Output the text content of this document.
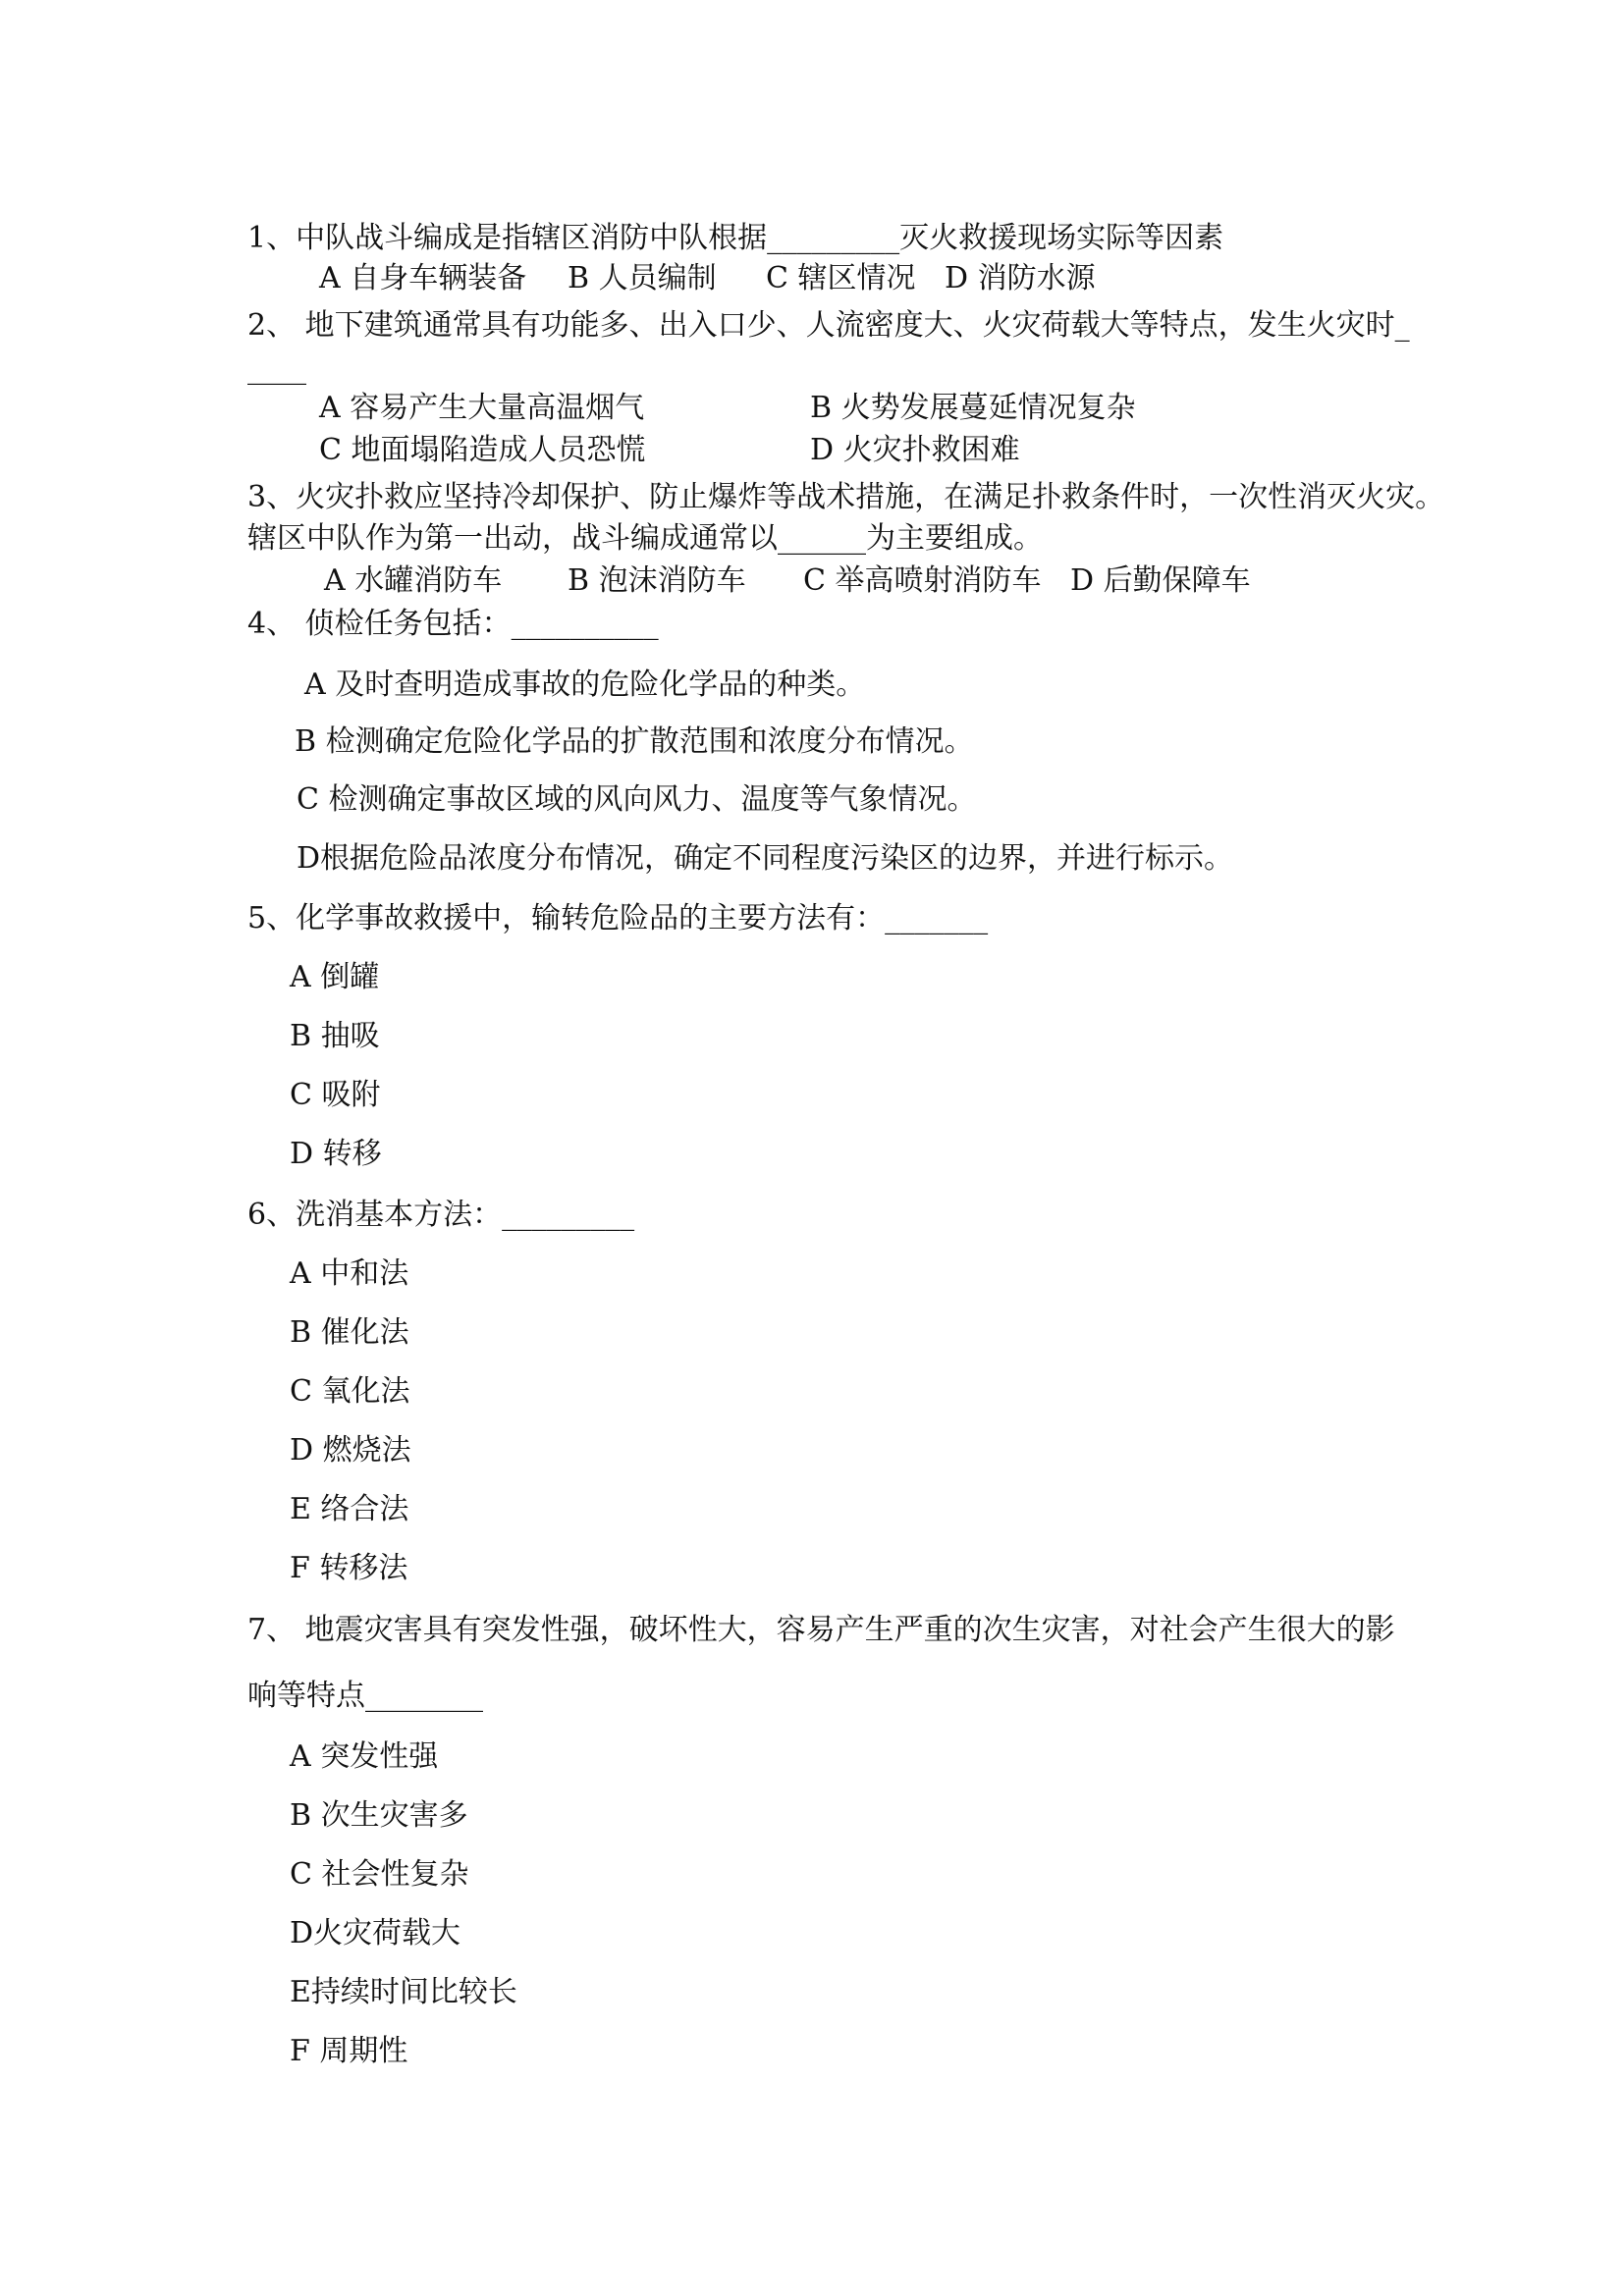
1、中队战斗编成是指辖区消防中队根据_________灭火救援现场实际等因素
A 自身车辆装备 B 人员编制 C 辖区情况 D 消防水源
2、 地下建筑通常具有功能多、出入口少、人流密度大、火灾荷载大等特点，发生火灾时_
____
A 容易产生大量高温烟气	B 火势发展蔓延情况复杂
C 地面塌陷造成人员恐慌	D 火灾扑救困难
3、火灾扑救应坚持冷却保护、防止爆炸等战术措施，在满足扑救条件时，一次性消灭火灾。
辖区中队作为第一出动，战斗编成通常以______为主要组成。
A 水罐消防车 B 泡沫消防车 C 举高喷射消防车 D 后勤保障车
4、 侦检任务包括：__________
A 及时查明造成事故的危险化学品的种类。
B 检测确定危险化学品的扩散范围和浓度分布情况。
C 检测确定事故区域的风向风力、温度等气象情况。
D根据危险品浓度分布情况，确定不同程度污染区的边界，并进行标示。
5、化学事故救援中，输转危险品的主要方法有：_______
A 倒罐
B 抽吸
C 吸附
D 转移
6、洗消基本方法：_________
A 中和法
B 催化法
C 氧化法
D 燃烧法
E 络合法
F 转移法
7、 地震灾害具有突发性强，破坏性大，容易产生严重的次生灾害，对社会产生很大的影
响等特点________
A 突发性强
B 次生灾害多
C 社会性复杂
D火灾荷载大
E持续时间比较长
F 周期性
